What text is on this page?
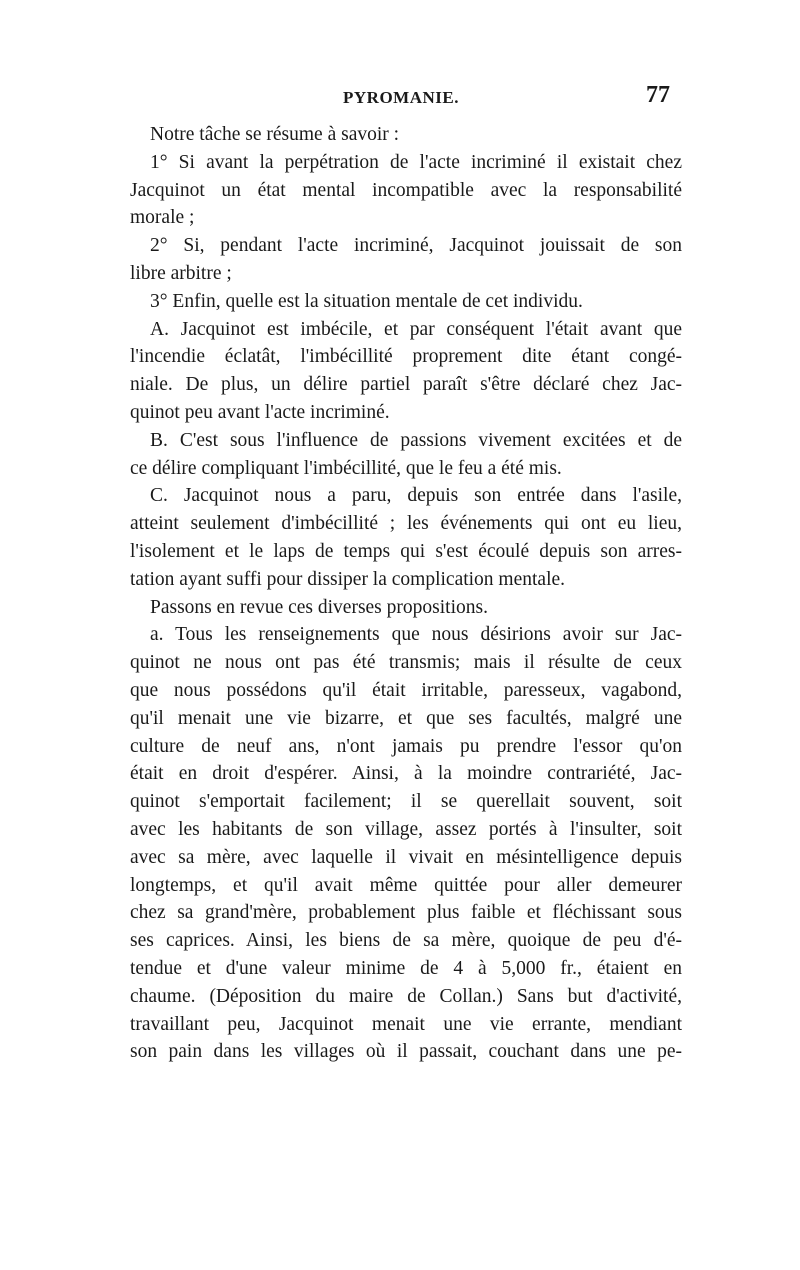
PYROMANIE.	77
Notre tâche se résume à savoir :
1° Si avant la perpétration de l'acte incriminé il existait chez
Jacquinot un état mental incompatible avec la responsabilité
morale ;
2° Si, pendant l'acte incriminé, Jacquinot jouissait de son
libre arbitre ;
3° Enfin, quelle est la situation mentale de cet individu.
A. Jacquinot est imbécile, et par conséquent l'était avant que
l'incendie éclatât, l'imbécillité proprement dite étant congé-
niale. De plus, un délire partiel paraît s'être déclaré chez Jac-
quinot peu avant l'acte incriminé.
B. C'est sous l'influence de passions vivement excitées et de
ce délire compliquant l'imbécillité, que le feu a été mis.
C. Jacquinot nous a paru, depuis son entrée dans l'asile,
atteint seulement d'imbécillité ; les événements qui ont eu lieu,
l'isolement et le laps de temps qui s'est écoulé depuis son arres-
tation ayant suffi pour dissiper la complication mentale.
Passons en revue ces diverses propositions.
a. Tous les renseignements que nous désirions avoir sur Jac-
quinot ne nous ont pas été transmis; mais il résulte de ceux
que nous possédons qu'il était irritable, paresseux, vagabond,
qu'il menait une vie bizarre, et que ses facultés, malgré une
culture de neuf ans, n'ont jamais pu prendre l'essor qu'on
était en droit d'espérer. Ainsi, à la moindre contrariété, Jac-
quinot s'emportait facilement; il se querellait souvent, soit
avec les habitants de son village, assez portés à l'insulter, soit
avec sa mère, avec laquelle il vivait en mésintelligence depuis
longtemps, et qu'il avait même quittée pour aller demeurer
chez sa grand'mère, probablement plus faible et fléchissant sous
ses caprices. Ainsi, les biens de sa mère, quoique de peu d'é-
tendue et d'une valeur minime de 4 à 5,000 fr., étaient en
chaume. (Déposition du maire de Collan.) Sans but d'activité,
travaillant peu, Jacquinot menait une vie errante, mendiant
son pain dans les villages où il passait, couchant dans une pe-
